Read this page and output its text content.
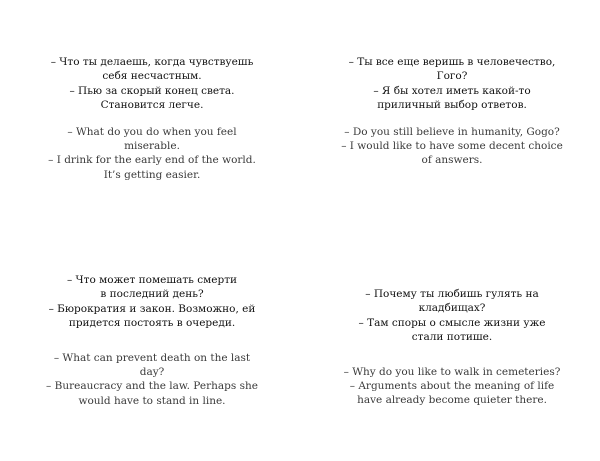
– Что ты делаешь, когда чувствуешь
себя несчастным.
– Пью за скорый конец света.
Становится легче.
– What do you do when you feel
miserable.
– I drink for the early end of the world.
It’s getting easier.
– Ты все еще веришь в человечество,
Гого?
– Я бы хотел иметь какой-то
приличный выбор ответов.
– Do you still believe in humanity, Gogo?
– I would like to have some decent choice
of answers.
– Что может помешать смерти
в последний день?
– Бюрократия и закон. Возможно, ей
придется постоять в очереди.
– What can prevent death on the last
day?
– Bureaucracy and the law. Perhaps she
would have to stand in line.
– Почему ты любишь гулять на
кладбищах?
– Там споры о смысле жизни уже
стали потише.
– Why do you like to walk in cemeteries?
– Arguments about the meaning of life
have already become quieter there.
